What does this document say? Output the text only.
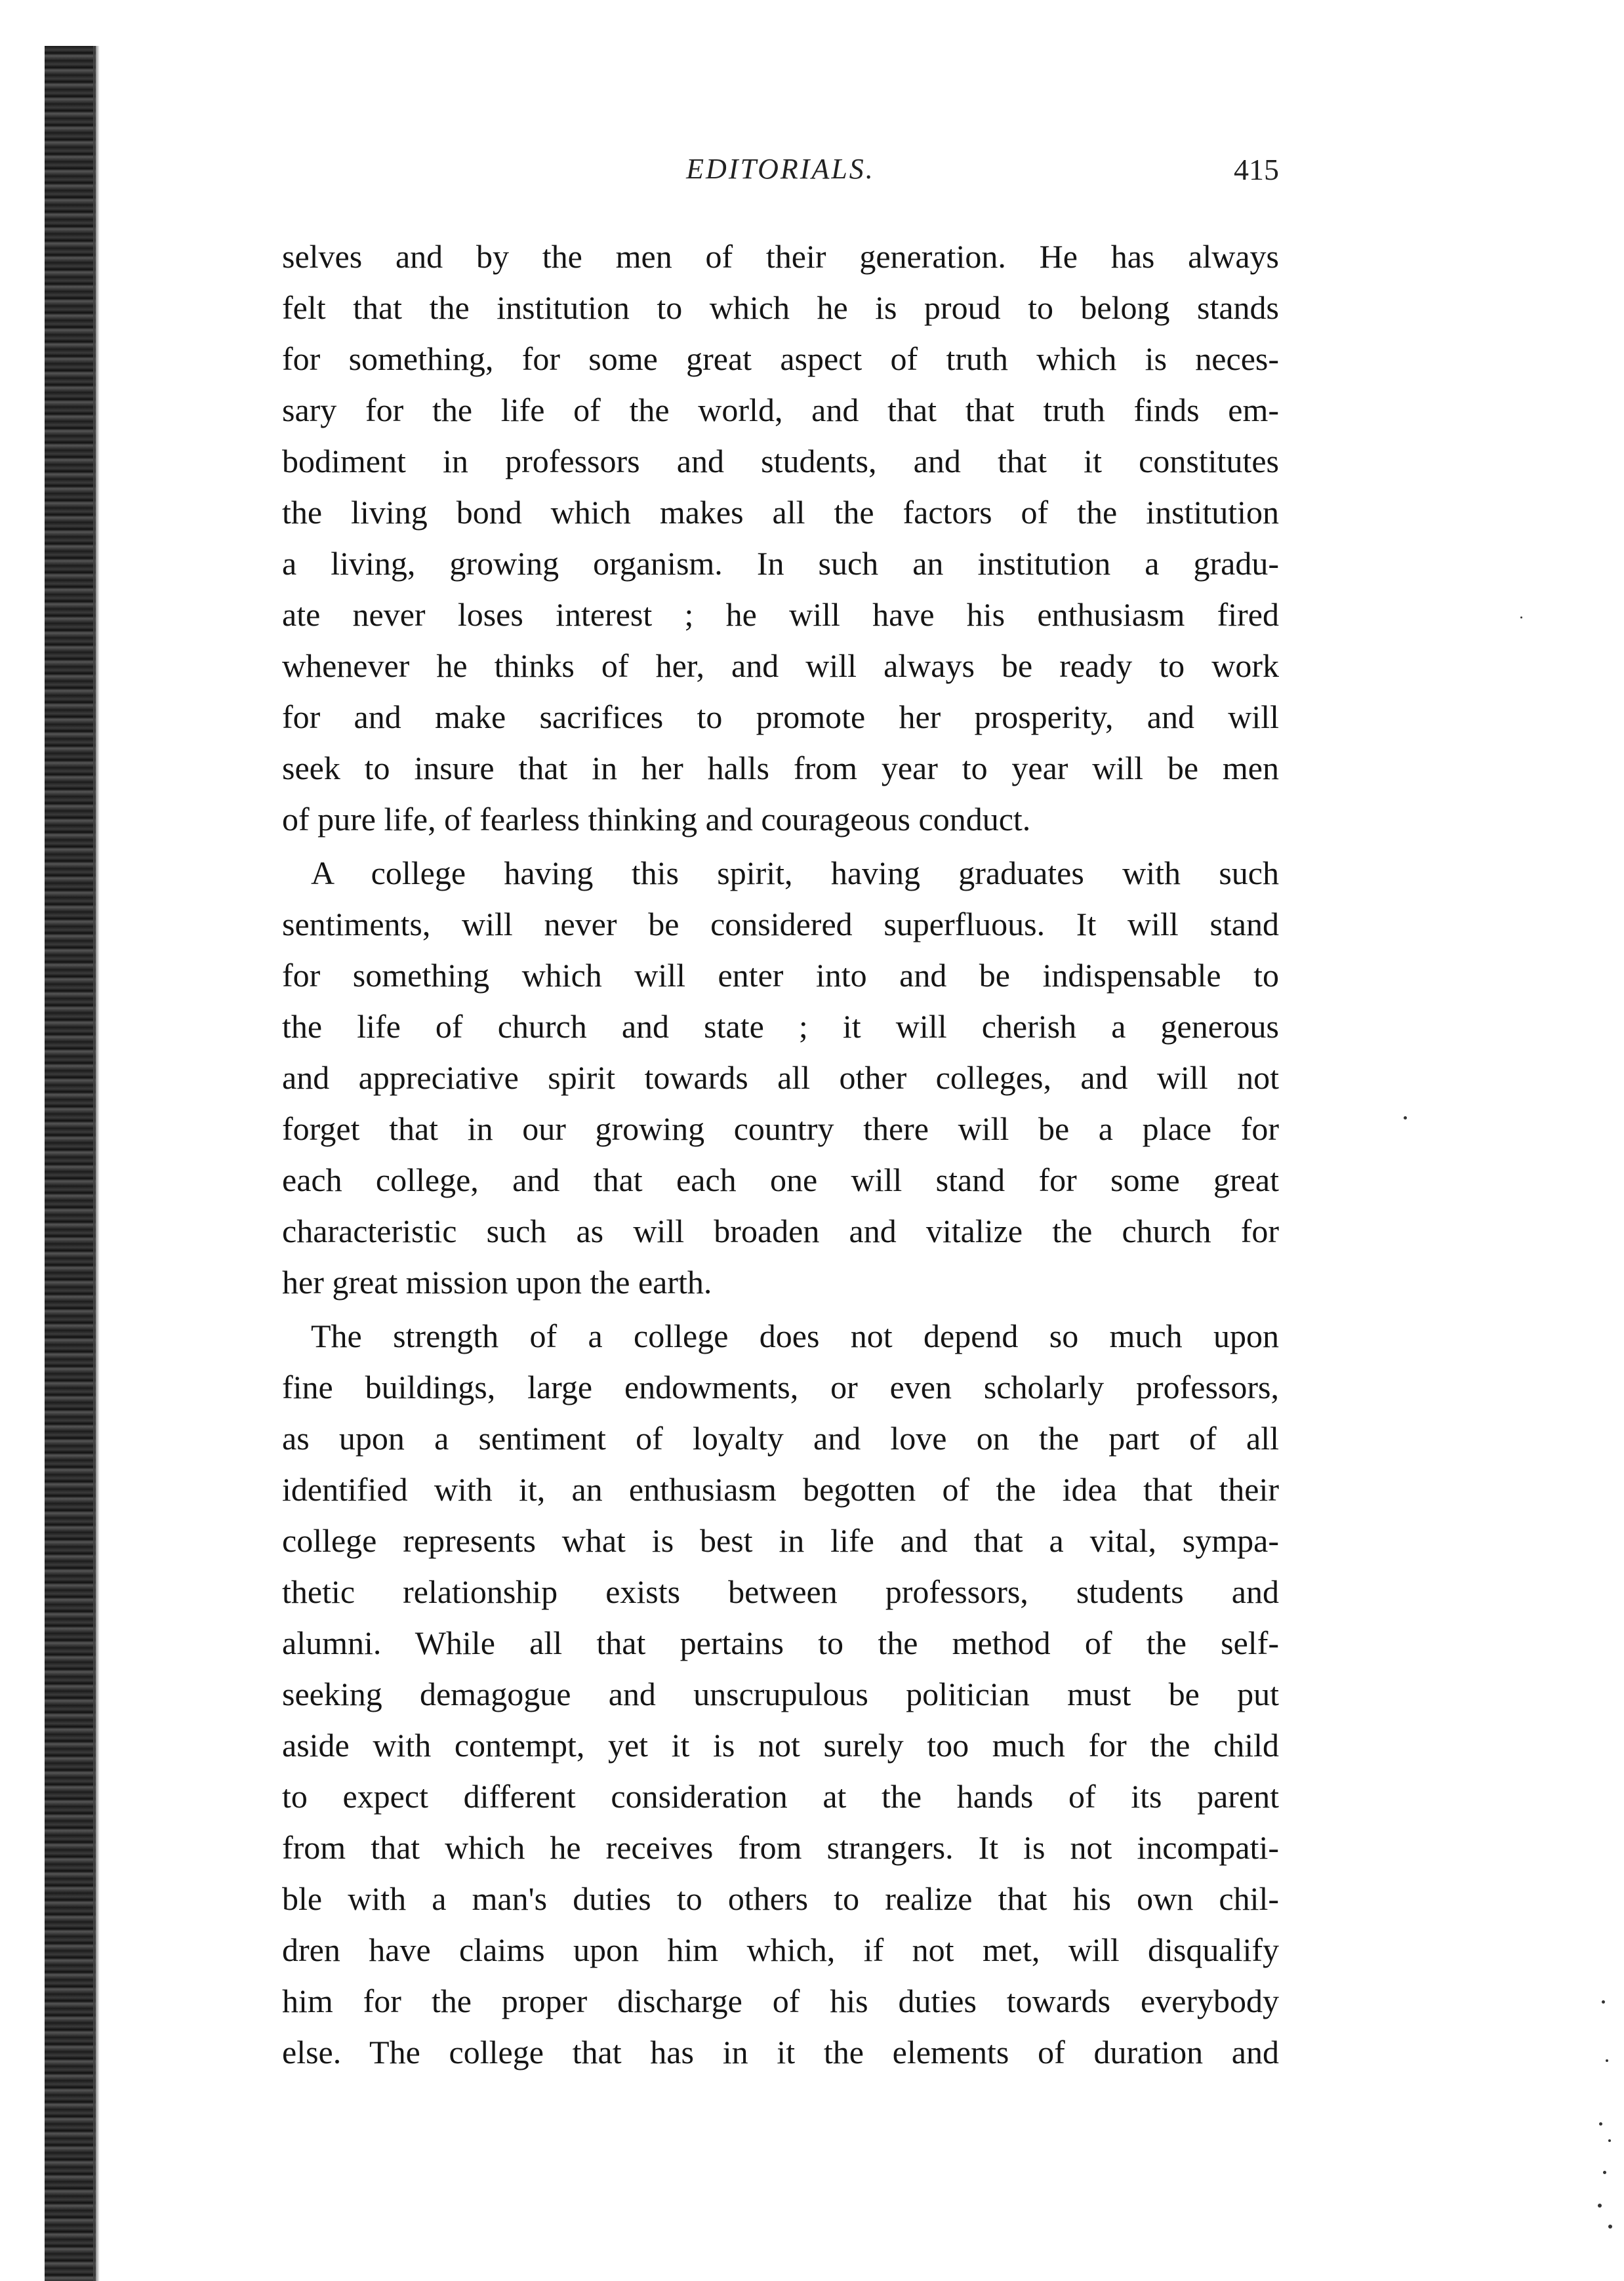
EDITORIALS.	415
selves and by the men of their generation. He has always
felt that the institution to which he is proud to belong stands
for something, for some great aspect of truth which is neces-
sary for the life of the world, and that that truth finds em-
bodiment in professors and students, and that it constitutes
the living bond which makes all the factors of the institution
a living, growing organism. In such an institution a gradu-
ate never loses interest ; he will have his enthusiasm fired
whenever he thinks of her, and will always be ready to work
for and make sacrifices to promote her prosperity, and will
seek to insure that in her halls from year to year will be men
of pure life, of fearless thinking and courageous conduct.
A college having this spirit, having graduates with such
sentiments, will never be considered superfluous. It will stand
for something which will enter into and be indispensable to
the life of church and state ; it will cherish a generous
and appreciative spirit towards all other colleges, and will not
forget that in our growing country there will be a place for
each college, and that each one will stand for some great
characteristic such as will broaden and vitalize the church for
her great mission upon the earth.
The strength of a college does not depend so much upon
fine buildings, large endowments, or even scholarly professors,
as upon a sentiment of loyalty and love on the part of all
identified with it, an enthusiasm begotten of the idea that their
college represents what is best in life and that a vital, sympa-
thetic relationship exists between professors, students and
alumni. While all that pertains to the method of the self-
seeking demagogue and unscrupulous politician must be put
aside with contempt, yet it is not surely too much for the child
to expect different consideration at the hands of its parent
from that which he receives from strangers. It is not incompati-
ble with a man's duties to others to realize that his own chil-
dren have claims upon him which, if not met, will disqualify
him for the proper discharge of his duties towards everybody
else. The college that has in it the elements of duration and
